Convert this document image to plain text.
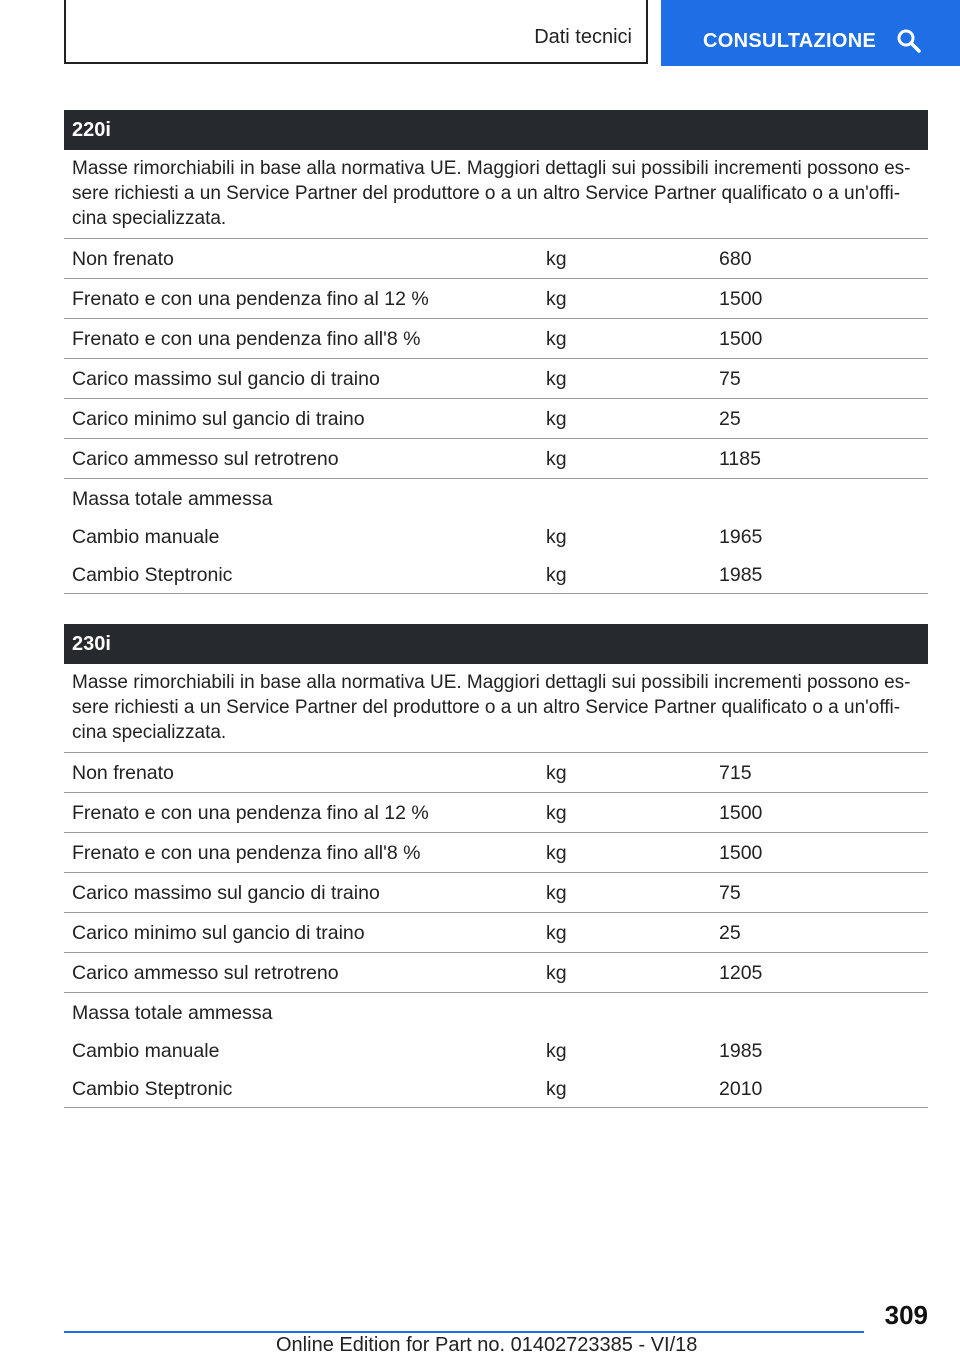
Dati tecnici	CONSULTAZIONE
220i
Masse rimorchiabili in base alla normativa UE. Maggiori dettagli sui possibili incrementi possono es-sere richiesti a un Service Partner del produttore o a un altro Service Partner qualificato o a un'offi-cina specializzata.
Non frenato	kg	680
Frenato e con una pendenza fino al 12 %	kg	1500
Frenato e con una pendenza fino all'8 %	kg	1500
Carico massimo sul gancio di traino	kg	75
Carico minimo sul gancio di traino	kg	25
Carico ammesso sul retrotreno	kg	1185
Massa totale ammessa
Cambio manuale	kg	1965
Cambio Steptronic	kg	1985
230i
Masse rimorchiabili in base alla normativa UE. Maggiori dettagli sui possibili incrementi possono es-sere richiesti a un Service Partner del produttore o a un altro Service Partner qualificato o a un'offi-cina specializzata.
Non frenato	kg	715
Frenato e con una pendenza fino al 12 %	kg	1500
Frenato e con una pendenza fino all'8 %	kg	1500
Carico massimo sul gancio di traino	kg	75
Carico minimo sul gancio di traino	kg	25
Carico ammesso sul retrotreno	kg	1205
Massa totale ammessa
Cambio manuale	kg	1985
Cambio Steptronic	kg	2010
309
Online Edition for Part no. 01402723385 - VI/18
